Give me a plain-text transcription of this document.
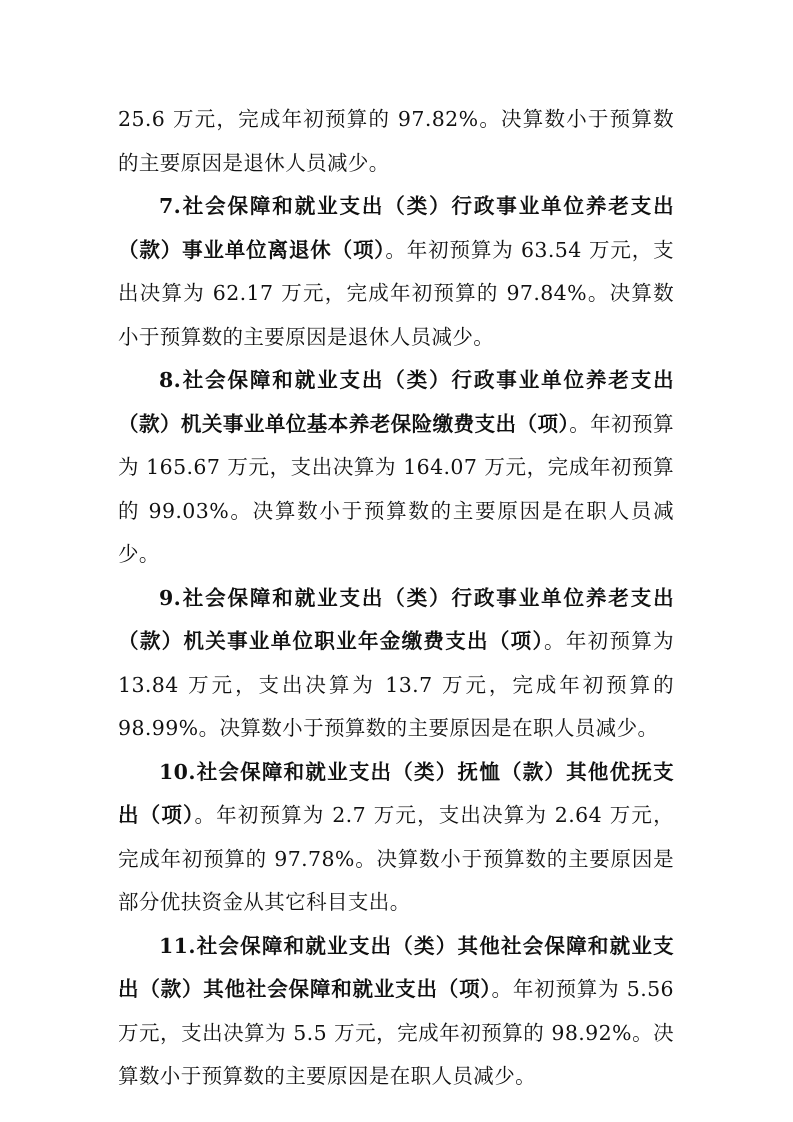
25.6 万元，完成年初预算的 97.82%。决算数小于预算数的主要原因是退休人员减少。

7.社会保障和就业支出（类）行政事业单位养老支出（款）事业单位离退休（项）。年初预算为 63.54 万元，支出决算为 62.17 万元，完成年初预算的 97.84%。决算数小于预算数的主要原因是退休人员减少。

8.社会保障和就业支出（类）行政事业单位养老支出（款）机关事业单位基本养老保险缴费支出（项）。年初预算为 165.67 万元，支出决算为 164.07 万元，完成年初预算的 99.03%。决算数小于预算数的主要原因是在职人员减少。

9.社会保障和就业支出（类）行政事业单位养老支出（款）机关事业单位职业年金缴费支出（项）。年初预算为 13.84 万元，支出决算为 13.7 万元，完成年初预算的 98.99%。决算数小于预算数的主要原因是在职人员减少。

10.社会保障和就业支出（类）抚恤（款）其他优抚支出（项）。年初预算为 2.7 万元，支出决算为 2.64 万元，完成年初预算的 97.78%。决算数小于预算数的主要原因是部分优扶资金从其它科目支出。

11.社会保障和就业支出（类）其他社会保障和就业支出（款）其他社会保障和就业支出（项）。年初预算为 5.56 万元，支出决算为 5.5 万元，完成年初预算的 98.92%。决算数小于预算数的主要原因是在职人员减少。
